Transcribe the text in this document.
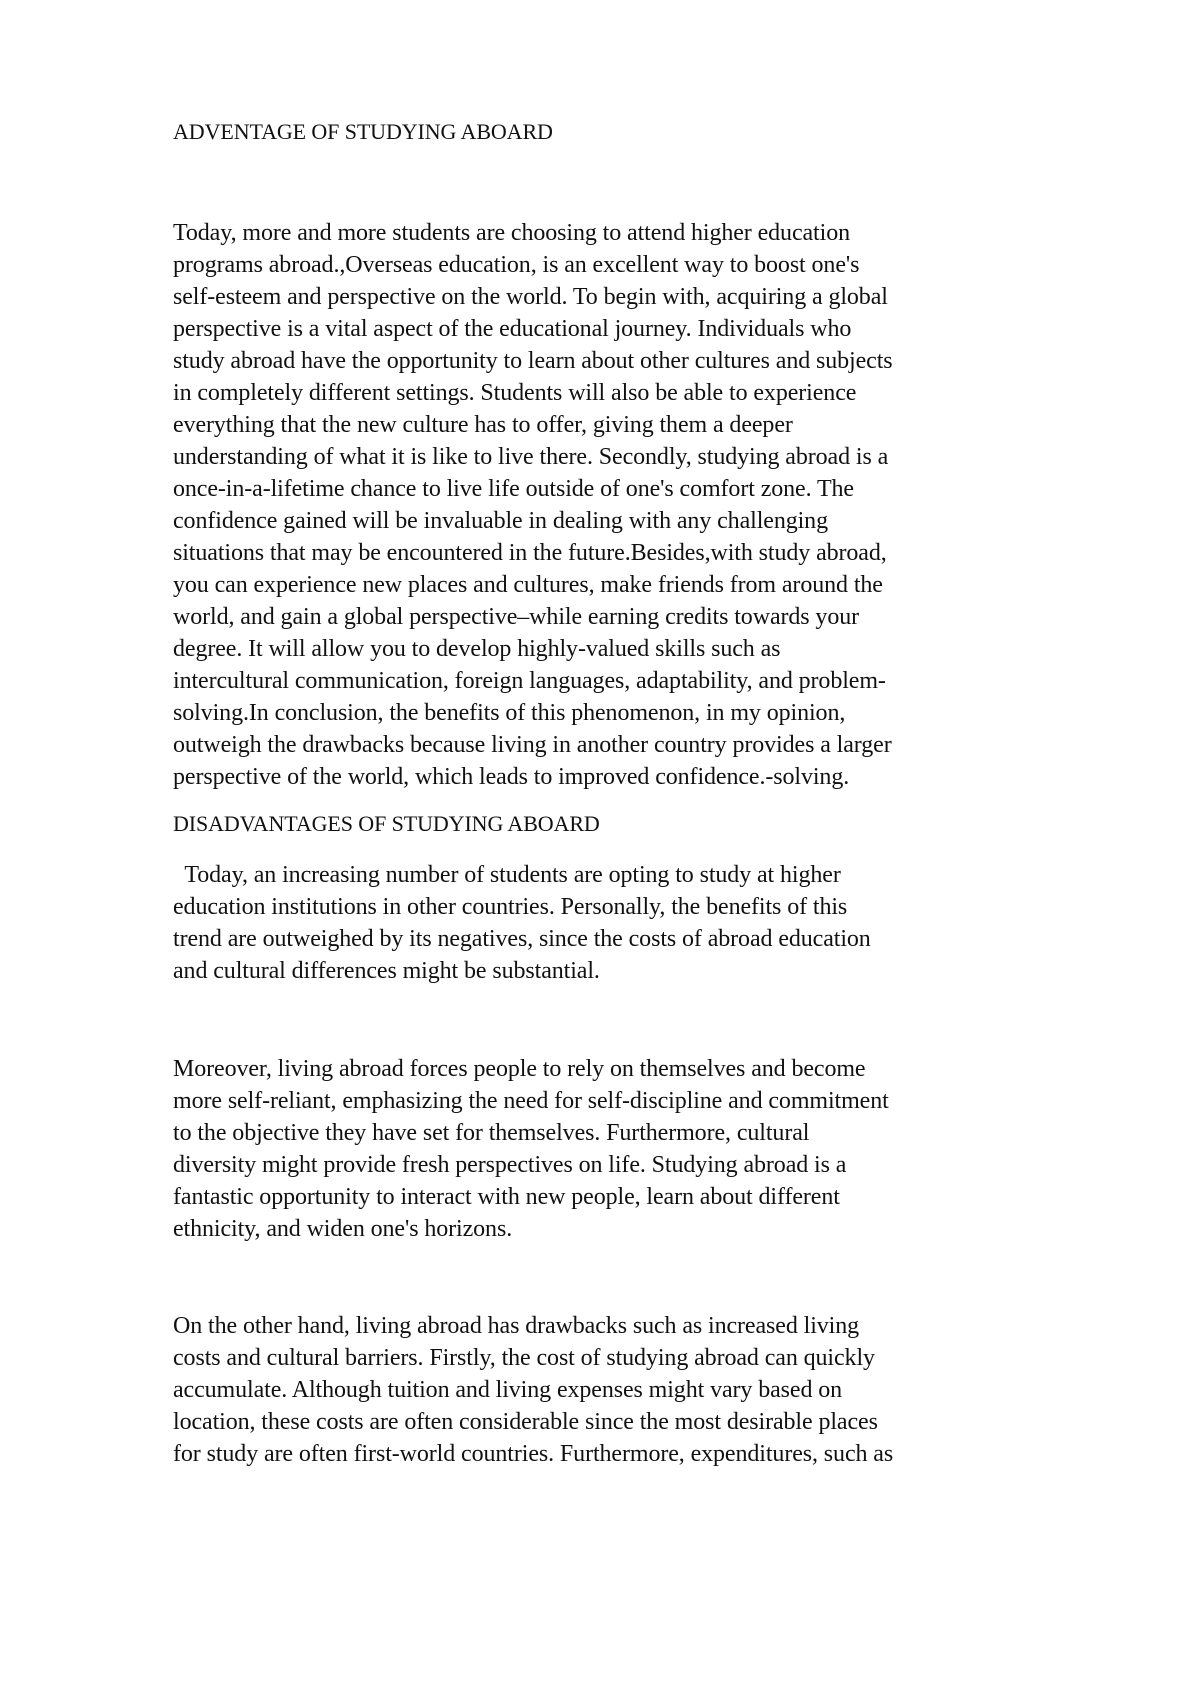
ADVENTAGE OF STUDYING ABOARD
Today, more and more students are choosing to attend higher education
programs abroad.,Overseas education, is an excellent way to boost one's
self-esteem and perspective on the world. To begin with, acquiring a global
perspective is a vital aspect of the educational journey. Individuals who
study abroad have the opportunity to learn about other cultures and subjects
in completely different settings. Students will also be able to experience
everything that the new culture has to offer, giving them a deeper
understanding of what it is like to live there. Secondly, studying abroad is a
once-in-a-lifetime chance to live life outside of one's comfort zone. The
confidence gained will be invaluable in dealing with any challenging
situations that may be encountered in the future.Besides,with study abroad,
you can experience new places and cultures, make friends from around the
world, and gain a global perspective–while earning credits towards your
degree. It will allow you to develop highly-valued skills such as
intercultural communication, foreign languages, adaptability, and problem-
solving.In conclusion, the benefits of this phenomenon, in my opinion,
outweigh the drawbacks because living in another country provides a larger
perspective of the world, which leads to improved confidence.-solving.
DISADVANTAGES OF STUDYING ABOARD
Today, an increasing number of students are opting to study at higher
education institutions in other countries. Personally, the benefits of this
trend are outweighed by its negatives, since the costs of abroad education
and cultural differences might be substantial.
Moreover, living abroad forces people to rely on themselves and become
more self-reliant, emphasizing the need for self-discipline and commitment
to the objective they have set for themselves. Furthermore, cultural
diversity might provide fresh perspectives on life. Studying abroad is a
fantastic opportunity to interact with new people, learn about different
ethnicity, and widen one's horizons.
On the other hand, living abroad has drawbacks such as increased living
costs and cultural barriers. Firstly, the cost of studying abroad can quickly
accumulate. Although tuition and living expenses might vary based on
location, these costs are often considerable since the most desirable places
for study are often first-world countries. Furthermore, expenditures, such as
